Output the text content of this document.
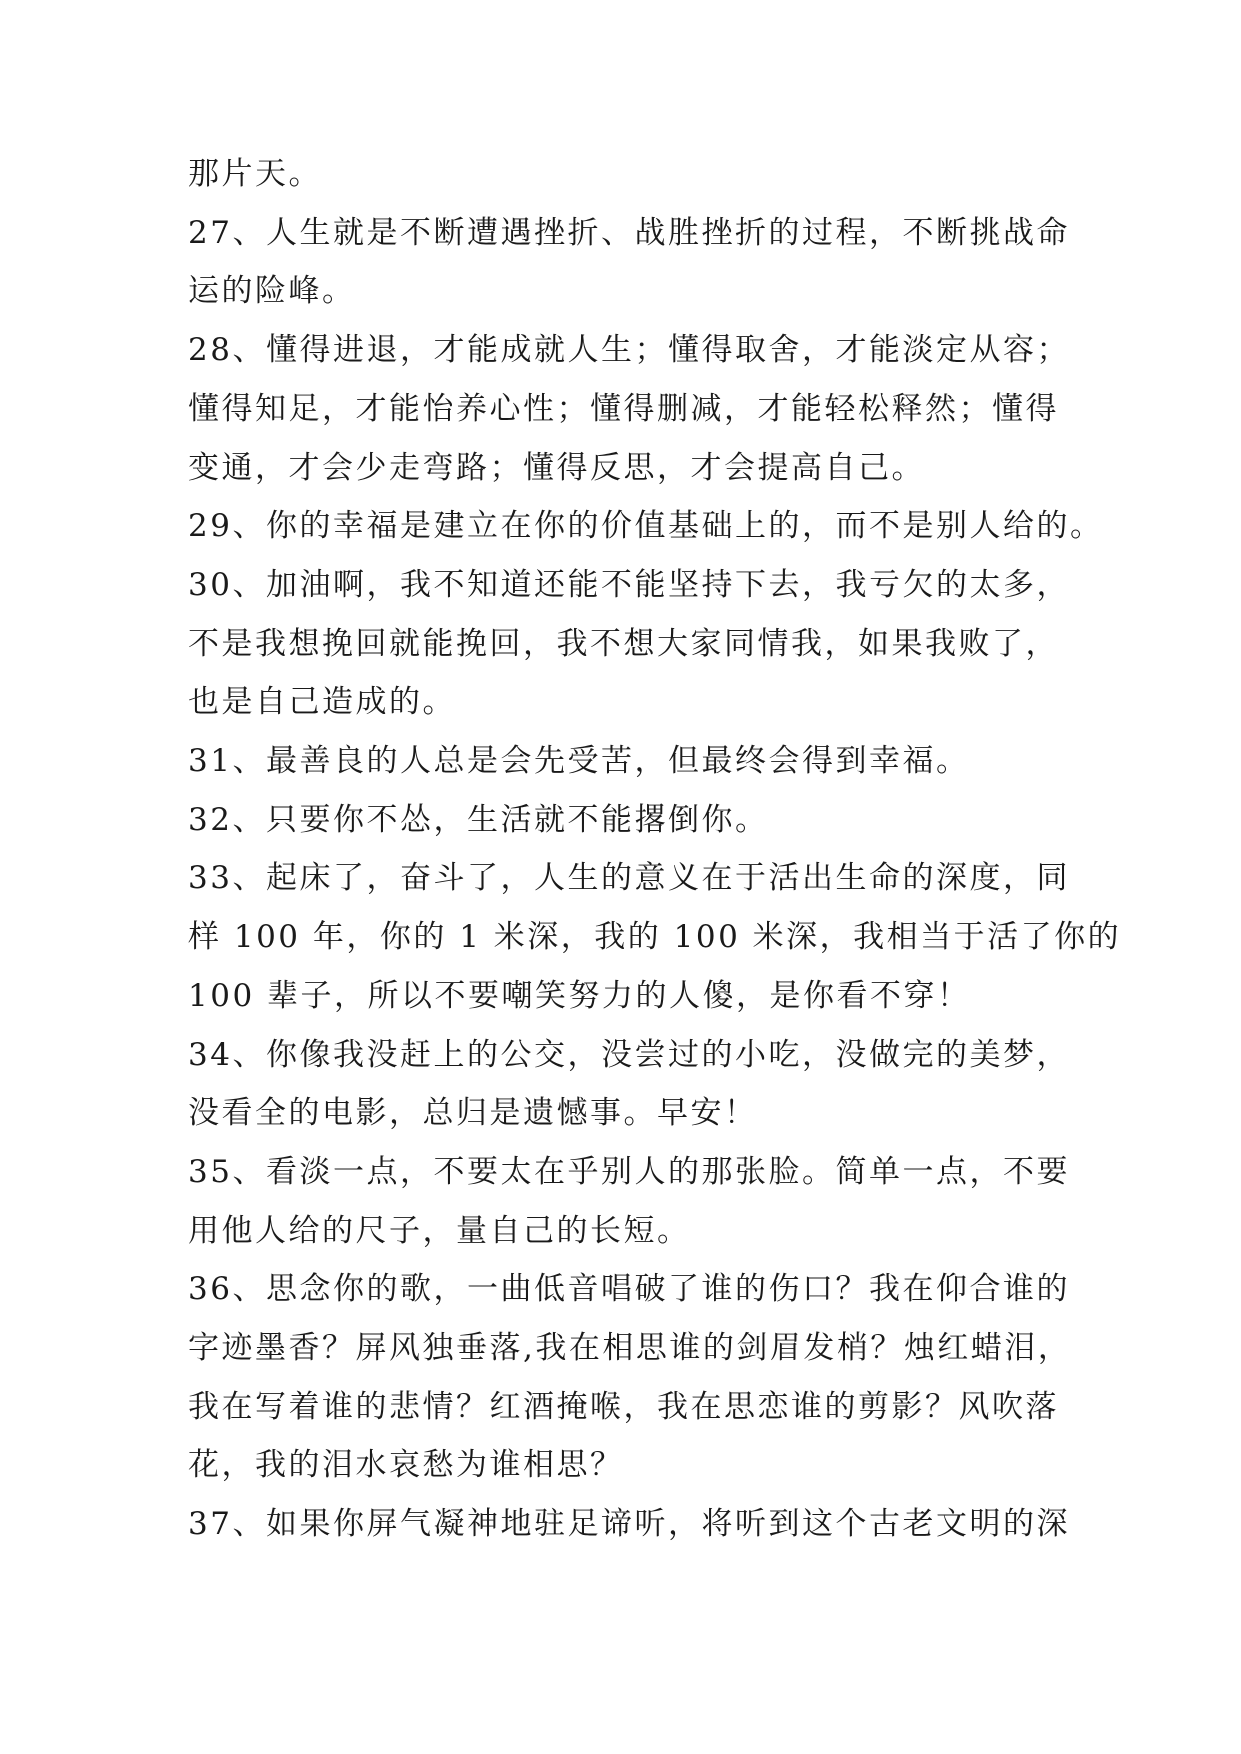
那片天。
27、人生就是不断遭遇挫折、战胜挫折的过程，不断挑战命
运的险峰。
28、懂得进退，才能成就人生；懂得取舍，才能淡定从容；
懂得知足，才能怡养心性；懂得删减，才能轻松释然；懂得
变通，才会少走弯路；懂得反思，才会提高自己。
29、你的幸福是建立在你的价值基础上的，而不是别人给的。
30、加油啊，我不知道还能不能坚持下去，我亏欠的太多，
不是我想挽回就能挽回，我不想大家同情我，如果我败了，
也是自己造成的。
31、最善良的人总是会先受苦，但最终会得到幸福。
32、只要你不怂，生活就不能撂倒你。
33、起床了，奋斗了，人生的意义在于活出生命的深度，同
样 100 年，你的 1 米深，我的 100 米深，我相当于活了你的
100 辈子，所以不要嘲笑努力的人傻，是你看不穿！
34、你像我没赶上的公交，没尝过的小吃，没做完的美梦，
没看全的电影，总归是遗憾事。早安！
35、看淡一点，不要太在乎别人的那张脸。简单一点，不要
用他人给的尺子，量自己的长短。
36、思念你的歌，一曲低音唱破了谁的伤口？我在仰合谁的
字迹墨香？屏风独垂落,我在相思谁的剑眉发梢？烛红蜡泪，
我在写着谁的悲情？红酒掩喉，我在思恋谁的剪影？风吹落
花，我的泪水哀愁为谁相思？
37、如果你屏气凝神地驻足谛听，将听到这个古老文明的深
